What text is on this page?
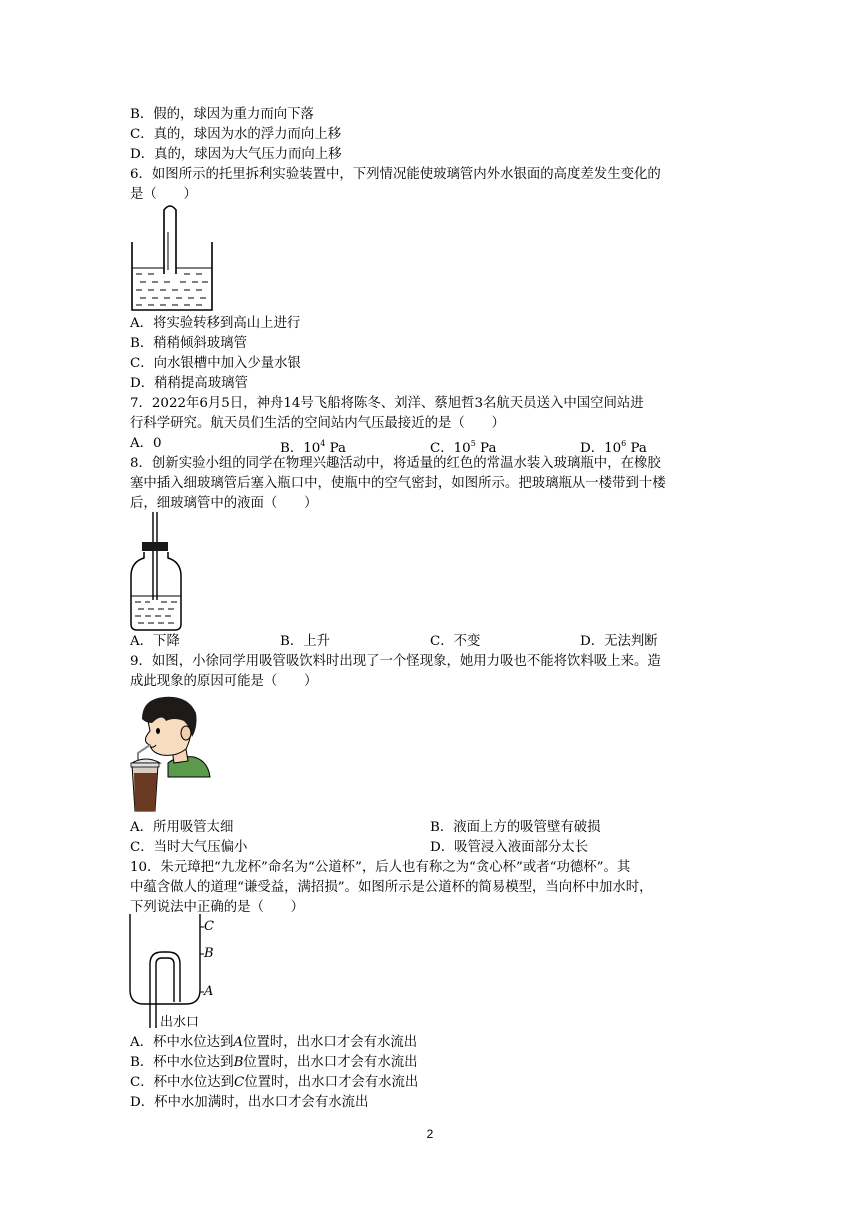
B．假的，球因为重力而向下落
C．真的，球因为水的浮力而向上移
D．真的，球因为大气压力而向上移
6．如图所示的托里拆利实验装置中，下列情况能使玻璃管内外水银面的高度差发生变化的
是（　　）
A．将实验转移到高山上进行
B．稍稍倾斜玻璃管
C．向水银槽中加入少量水银
D．稍稍提高玻璃管
7．2022年6月5日，神舟14号飞船将陈冬、刘洋、蔡旭哲3名航天员送入中国空间站进
行科学研究。航天员们生活的空间站内气压最接近的是（　　）
A．0	B．$10^4$ Pa	C．$10^5$ Pa	D．$10^6$ Pa
8．创新实验小组的同学在物理兴趣活动中，将适量的红色的常温水装入玻璃瓶中，在橡胶
塞中插入细玻璃管后塞入瓶口中，使瓶中的空气密封，如图所示。把玻璃瓶从一楼带到十楼
后，细玻璃管中的液面（　　）
A．下降	B．上升	C．不变	D．无法判断
9．如图，小徐同学用吸管吸饮料时出现了一个怪现象，她用力吸也不能将饮料吸上来。造
成此现象的原因可能是（　　）
A．所用吸管太细	B．液面上方的吸管壁有破损
C．当时大气压偏小	D．吸管浸入液面部分太长
10．朱元璋把“九龙杯”命名为“公道杯”，后人也有称之为“贪心杯”或者“功德杯”。其
中蕴含做人的道理“谦受益，满招损”。如图所示是公道杯的简易模型，当向杯中加水时，
下列说法中正确的是（　　）
C
B
A
出水口
A．杯中水位达到A位置时，出水口才会有水流出
B．杯中水位达到B位置时，出水口才会有水流出
C．杯中水位达到C位置时，出水口才会有水流出
D．杯中水加满时，出水口才会有水流出
2
